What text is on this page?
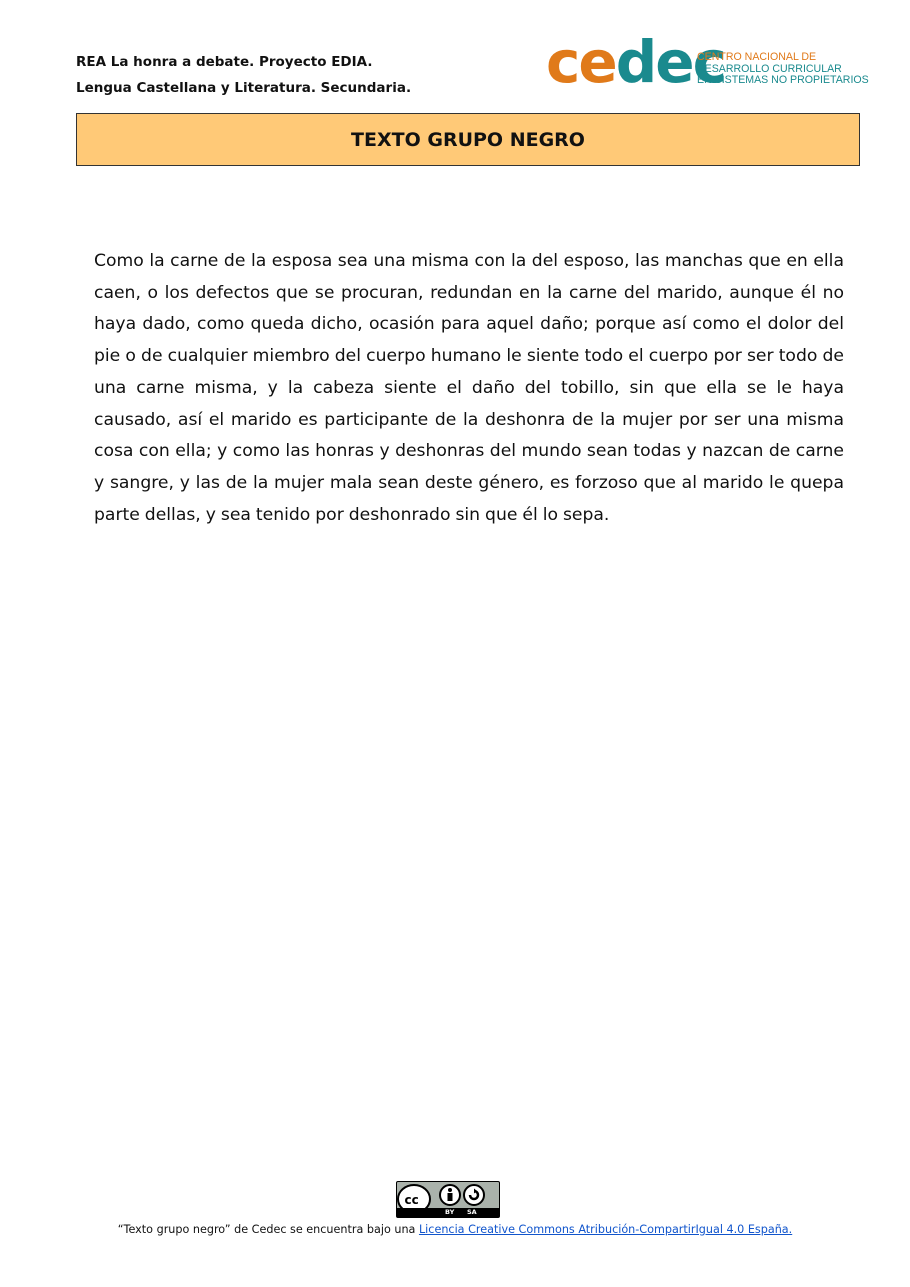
REA La honra a debate. Proyecto EDIA.
Lengua Castellana y Literatura. Secundaria. cedec
CENTRO NACIONAL DE
DESARROLLO CURRICULAR
EN SISTEMAS NO PROPIETARIOS
TEXTO GRUPO NEGRO
Como la carne de la esposa sea una misma con la del esposo, las manchas que en ella caen, o los defectos que se procuran, redundan en la carne del marido, aunque él no haya dado, como queda dicho, ocasión para aquel daño; porque así como el dolor del pie o de cualquier miembro del cuerpo humano le siente todo el cuerpo por ser todo de una carne misma, y la cabeza siente el daño del tobillo, sin que ella se le haya causado, así el marido es participante de la deshonra de la mujer por ser una misma cosa con ella; y como las honras y deshonras del mundo sean todas y nazcan de carne y sangre, y las de la mujer mala sean deste género, es forzoso que al marido le quepa parte dellas, y sea tenido por deshonrado sin que él lo sepa.
cc
BY SA
“Texto grupo negro” de Cedec se encuentra bajo una Licencia Creative Commons Atribución-CompartirIgual 4.0 España.
